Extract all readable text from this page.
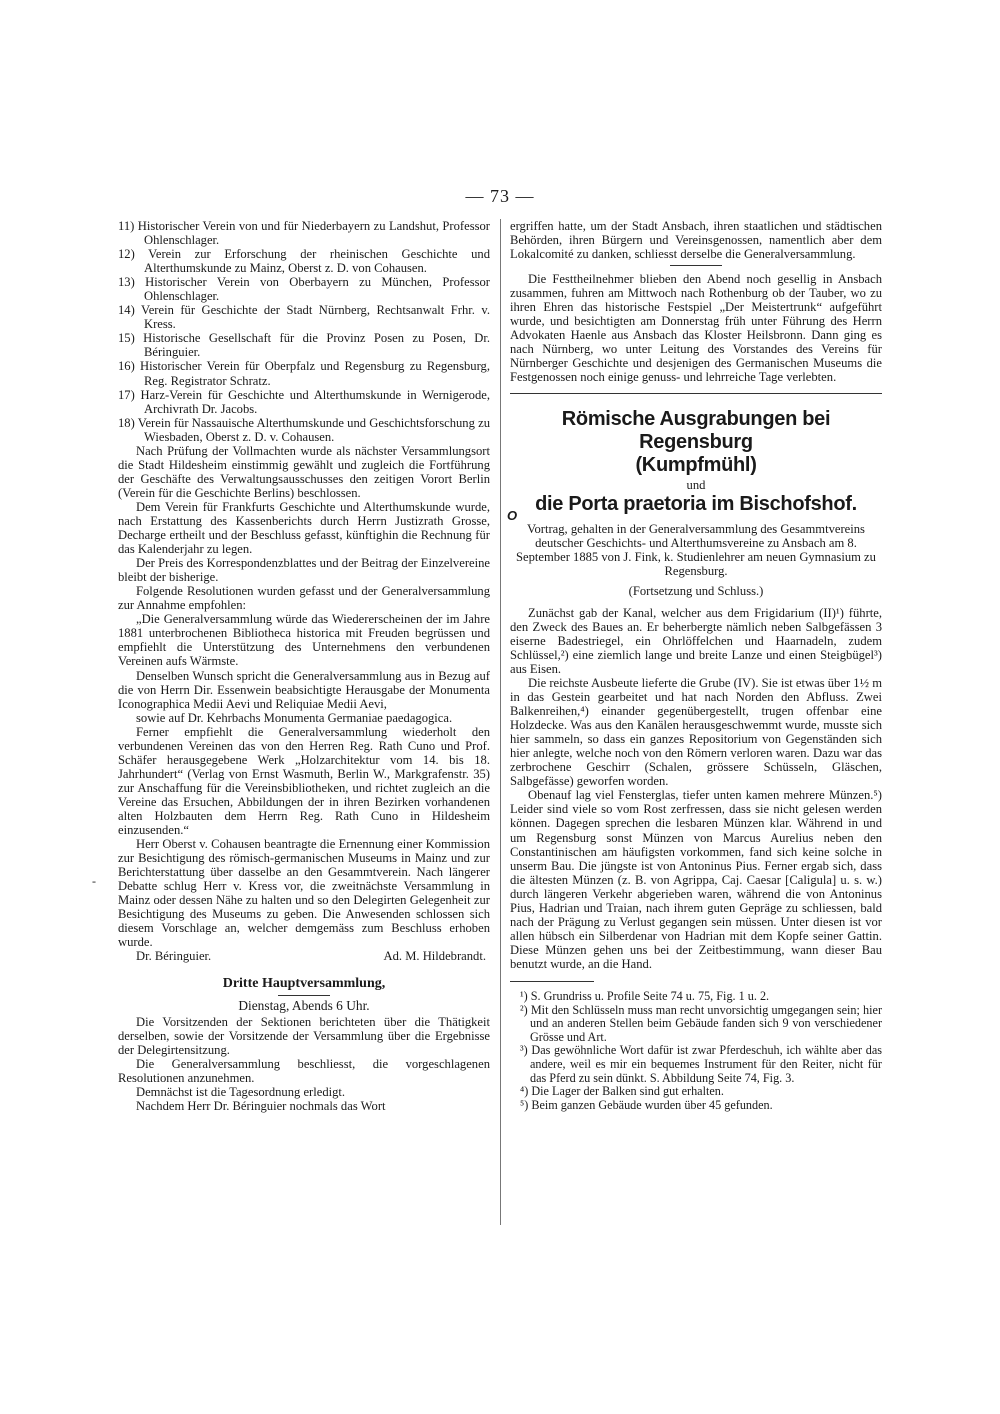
— 73 —
-
O

11) Historischer Verein von und für Niederbayern zu Landshut, Professor Ohlenschlager.

12) Verein zur Erforschung der rheinischen Geschichte und Alterthumskunde zu Mainz, Oberst z. D. von Cohausen.

13) Historischer Verein von Oberbayern zu München, Professor Ohlenschlager.

14) Verein für Geschichte der Stadt Nürnberg, Rechtsanwalt Frhr. v. Kress.

15) Historische Gesellschaft für die Provinz Posen zu Posen, Dr. Béringuier.

16) Historischer Verein für Oberpfalz und Regensburg zu Regensburg, Reg. Registrator Schratz.

17) Harz-Verein für Geschichte und Alterthumskunde in Wernigerode, Archivrath Dr. Jacobs.

18) Verein für Nassauische Alterthumskunde und Geschichtsforschung zu Wiesbaden, Oberst z. D. v. Cohausen.

Nach Prüfung der Vollmachten wurde als nächster Versammlungsort die Stadt Hildesheim einstimmig gewählt und zugleich die Fortführung der Geschäfte des Verwaltungsausschusses den zeitigen Vorort Berlin (Verein für die Geschichte Berlins) beschlossen.

Dem Verein für Frankfurts Geschichte und Alterthumskunde wurde, nach Erstattung des Kassenberichts durch Herrn Justizrath Grosse, Decharge ertheilt und der Beschluss gefasst, künftighin die Rechnung für das Kalenderjahr zu legen.

Der Preis des Korrespondenzblattes und der Beitrag der Einzelvereine bleibt der bisherige.

Folgende Resolutionen wurden gefasst und der Generalversammlung zur Annahme empfohlen:

„Die Generalversammlung würde das Wiedererscheinen der im Jahre 1881 unterbrochenen Bibliotheca historica mit Freuden begrüssen und empfiehlt die Unterstützung des Unternehmens den verbundenen Vereinen aufs Wärmste.

Denselben Wunsch spricht die Generalversammlung aus in Bezug auf die von Herrn Dir. Essenwein beabsichtigte Herausgabe der Monumenta Iconographica Medii Aevi und Reliquiae Medii Aevi,

sowie auf Dr. Kehrbachs Monumenta Germaniae paedagogica.

Ferner empfiehlt die Generalversammlung wiederholt den verbundenen Vereinen das von den Herren Reg. Rath Cuno und Prof. Schäfer herausgegebene Werk „Holzarchitektur vom 14. bis 18. Jahrhundert“ (Verlag von Ernst Wasmuth, Berlin W., Markgrafenstr. 35) zur Anschaffung für die Vereinsbibliotheken, und richtet zugleich an die Vereine das Ersuchen, Abbildungen der in ihren Bezirken vorhandenen alten Holzbauten dem Herrn Reg. Rath Cuno in Hildesheim einzusenden.“

Herr Oberst v. Cohausen beantragte die Ernennung einer Kommission zur Besichtigung des römisch-germanischen Museums in Mainz und zur Berichterstattung über dasselbe an den Gesammtverein. Nach längerer Debatte schlug Herr v. Kress vor, die zweitnächste Versammlung in Mainz oder dessen Nähe zu halten und so den Delegirten Gelegenheit zur Besichtigung des Museums zu geben. Die Anwesenden schlossen sich diesem Vorschlage an, welcher demgemäss zum Beschluss erhoben wurde.

Dr. Béringuier.	Ad. M. Hildebrandt.

Dritte Hauptversammlung,

Dienstag, Abends 6 Uhr.

Die Vorsitzenden der Sektionen berichteten über die Thätigkeit derselben, sowie der Vorsitzende der Versammlung über die Ergebnisse der Delegirtensitzung.

Die Generalversammlung beschliesst, die vorgeschlagenen Resolutionen anzunehmen.

Demnächst ist die Tagesordnung erledigt.

Nachdem Herr Dr. Béringuier nochmals das Wort

ergriffen hatte, um der Stadt Ansbach, ihren staatlichen und städtischen Behörden, ihren Bürgern und Vereinsgenossen, namentlich aber dem Lokalcomité zu danken, schliesst derselbe die Generalversammlung.

Die Festtheilnehmer blieben den Abend noch gesellig in Ansbach zusammen, fuhren am Mittwoch nach Rothenburg ob der Tauber, wo zu ihren Ehren das historische Festspiel „Der Meistertrunk“ aufgeführt wurde, und besichtigten am Donnerstag früh unter Führung des Herrn Advokaten Haenle aus Ansbach das Kloster Heilsbronn. Dann ging es nach Nürnberg, wo unter Leitung des Vorstandes des Vereins für Nürnberger Geschichte und desjenigen des Germanischen Museums die Festgenossen noch einige genuss- und lehrreiche Tage verlebten.

Römische Ausgrabungen bei Regensburg
(Kumpfmühl)

und

die Porta praetoria im Bischofshof.

Vortrag, gehalten in der Generalversammlung des Gesammtvereins deutscher Geschichts- und Alterthumsvereine zu Ansbach am 8. September 1885 von J. Fink, k. Studienlehrer am neuen Gymnasium zu Regensburg.

(Fortsetzung und Schluss.)

Zunächst gab der Kanal, welcher aus dem Frigidarium (II)¹) führte, den Zweck des Baues an. Er beherbergte nämlich neben Salbgefässen 3 eiserne Badestriegel, ein Ohrlöffelchen und Haarnadeln, zudem Schlüssel,²) eine ziemlich lange und breite Lanze und einen Steigbügel³) aus Eisen.

Die reichste Ausbeute lieferte die Grube (IV). Sie ist etwas über 1½ m in das Gestein gearbeitet und hat nach Norden den Abfluss. Zwei Balkenreihen,⁴) einander gegenübergestellt, trugen offenbar eine Holzdecke. Was aus den Kanälen herausgeschwemmt wurde, musste sich hier sammeln, so dass ein ganzes Repositorium von Gegenständen sich hier anlegte, welche noch von den Römern verloren waren. Dazu war das zerbrochene Geschirr (Schalen, grössere Schüsseln, Gläschen, Salbgefässe) geworfen worden.

Obenauf lag viel Fensterglas, tiefer unten kamen mehrere Münzen.⁵) Leider sind viele so vom Rost zerfressen, dass sie nicht gelesen werden können. Dagegen sprechen die lesbaren Münzen klar. Während in und um Regensburg sonst Münzen von Marcus Aurelius neben den Constantinischen am häufigsten vorkommen, fand sich keine solche in unserm Bau. Die jüngste ist von Antoninus Pius. Ferner ergab sich, dass die ältesten Münzen (z. B. von Agrippa, Caj. Caesar [Caligula] u. s. w.) durch längeren Verkehr abgerieben waren, während die von Antoninus Pius, Hadrian und Traian, nach ihrem guten Gepräge zu schliessen, bald nach der Prägung zu Verlust gegangen sein müssen. Unter diesen ist vor allen hübsch ein Silberdenar von Hadrian mit dem Kopfe seiner Gattin. Diese Münzen gehen uns bei der Zeitbestimmung, wann dieser Bau benutzt wurde, an die Hand.

¹) S. Grundriss u. Profile Seite 74 u. 75, Fig. 1 u. 2.

²) Mit den Schlüsseln muss man recht unvorsichtig umgegangen sein; hier und an anderen Stellen beim Gebäude fanden sich 9 von verschiedener Grösse und Art.

³) Das gewöhnliche Wort dafür ist zwar Pferdeschuh, ich wählte aber das andere, weil es mir ein bequemes Instrument für den Reiter, nicht für das Pferd zu sein dünkt. S. Abbildung Seite 74, Fig. 3.

⁴) Die Lager der Balken sind gut erhalten.

⁵) Beim ganzen Gebäude wurden über 45 gefunden.
